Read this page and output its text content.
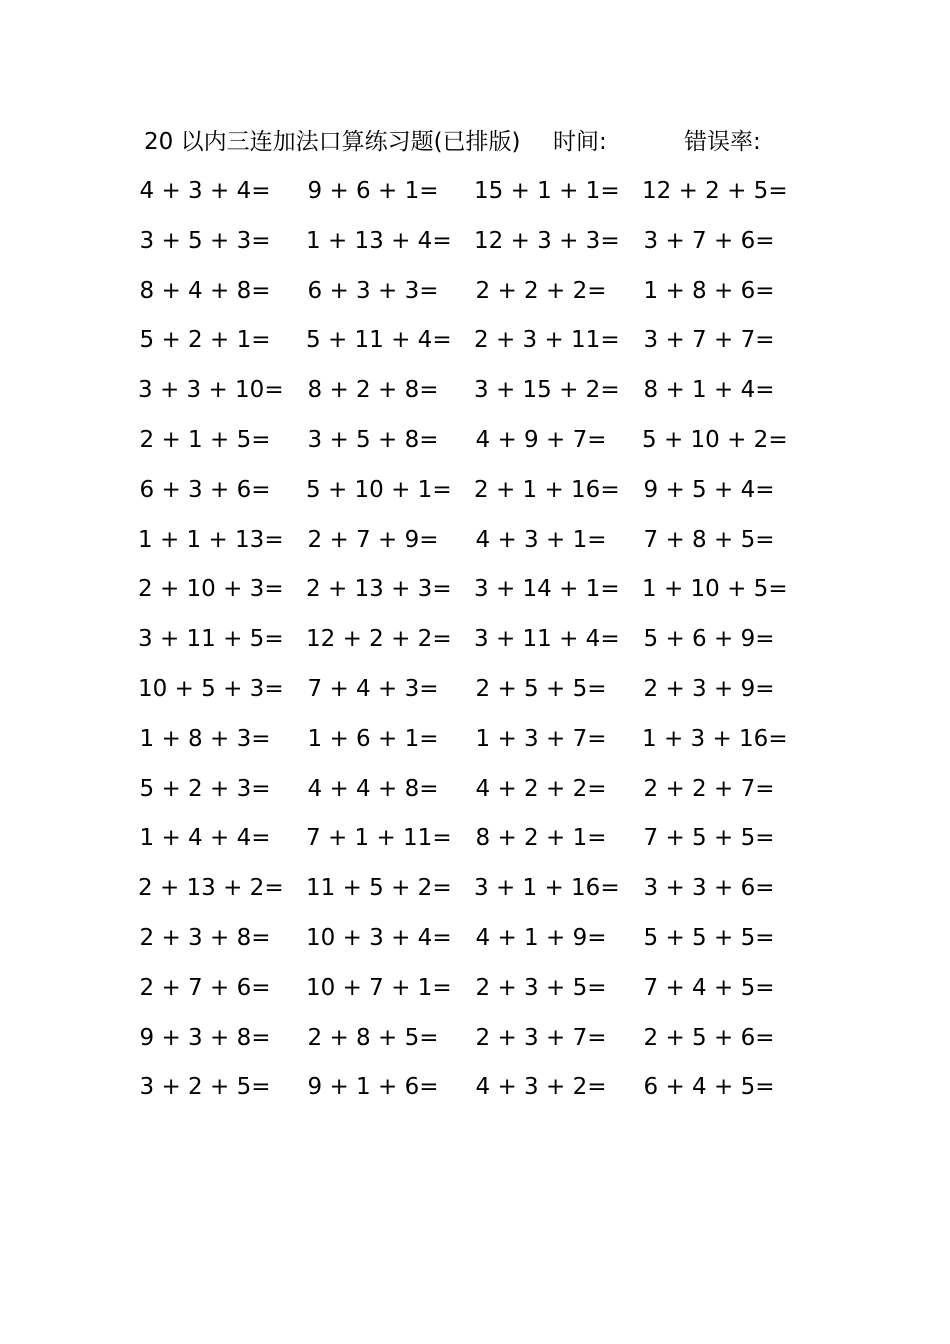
20 以内三连加法口算练习题(已排版) 时间:	错误率:
4 + 3 + 4= 9 + 6 + 1= 15 + 1 + 1= 12 + 2 + 5=
3 + 5 + 3= 1 + 13 + 4= 12 + 3 + 3= 3 + 7 + 6=
8 + 4 + 8= 6 + 3 + 3= 2 + 2 + 2= 1 + 8 + 6=
5 + 2 + 1= 5 + 11 + 4= 2 + 3 + 11= 3 + 7 + 7=
3 + 3 + 10= 8 + 2 + 8= 3 + 15 + 2= 8 + 1 + 4=
2 + 1 + 5= 3 + 5 + 8= 4 + 9 + 7= 5 + 10 + 2=
6 + 3 + 6= 5 + 10 + 1= 2 + 1 + 16= 9 + 5 + 4=
1 + 1 + 13= 2 + 7 + 9= 4 + 3 + 1= 7 + 8 + 5=
2 + 10 + 3= 2 + 13 + 3= 3 + 14 + 1= 1 + 10 + 5=
3 + 11 + 5= 12 + 2 + 2= 3 + 11 + 4= 5 + 6 + 9=
10 + 5 + 3= 7 + 4 + 3= 2 + 5 + 5= 2 + 3 + 9=
1 + 8 + 3= 1 + 6 + 1= 1 + 3 + 7= 1 + 3 + 16=
5 + 2 + 3= 4 + 4 + 8= 4 + 2 + 2= 2 + 2 + 7=
1 + 4 + 4= 7 + 1 + 11= 8 + 2 + 1= 7 + 5 + 5=
2 + 13 + 2= 11 + 5 + 2= 3 + 1 + 16= 3 + 3 + 6=
2 + 3 + 8= 10 + 3 + 4= 4 + 1 + 9= 5 + 5 + 5=
2 + 7 + 6= 10 + 7 + 1= 2 + 3 + 5= 7 + 4 + 5=
9 + 3 + 8= 2 + 8 + 5= 2 + 3 + 7= 2 + 5 + 6=
3 + 2 + 5= 9 + 1 + 6= 4 + 3 + 2= 6 + 4 + 5=
